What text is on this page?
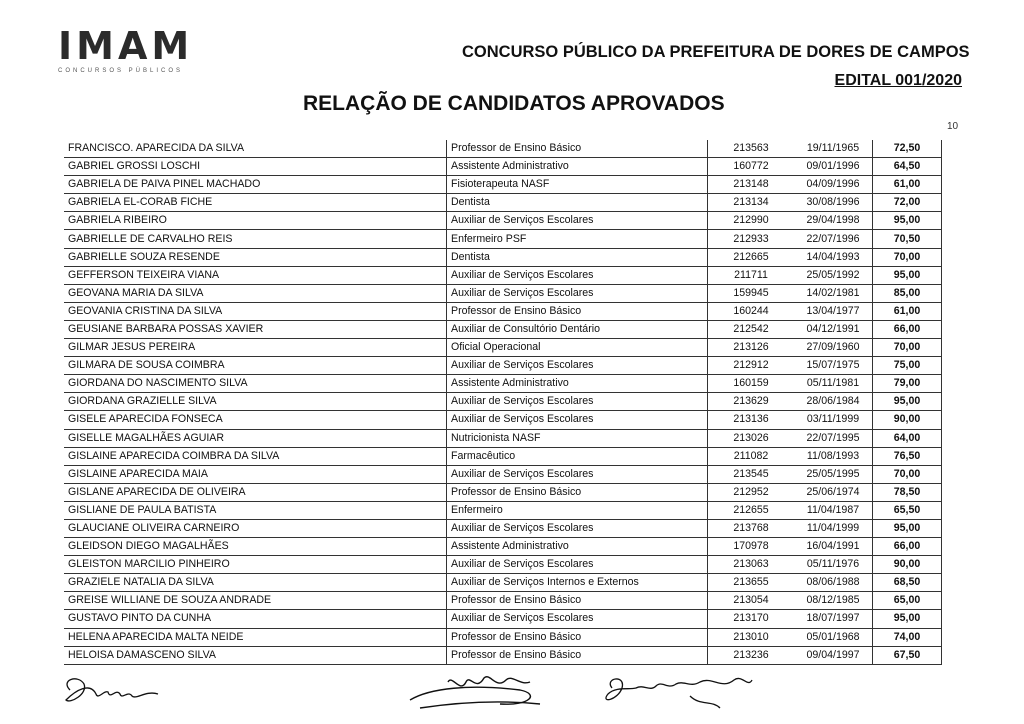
IMAM
CONCURSOS PÚBLICOS
CONCURSO PÚBLICO DA PREFEITURA DE DORES DE CAMPOS
EDITAL 001/2020
RELAÇÃO DE CANDIDATOS APROVADOS
10
FRANCISCO. APARECIDA DA SILVA	Professor de Ensino Básico	213563	19/11/1965	72,50
GABRIEL GROSSI LOSCHI	Assistente Administrativo	160772	09/01/1996	64,50
GABRIELA DE PAIVA PINEL MACHADO	Fisioterapeuta NASF	213148	04/09/1996	61,00
GABRIELA EL-CORAB FICHE	Dentista	213134	30/08/1996	72,00
GABRIELA RIBEIRO	Auxiliar de Serviços Escolares	212990	29/04/1998	95,00
GABRIELLE DE CARVALHO REIS	Enfermeiro PSF	212933	22/07/1996	70,50
GABRIELLE SOUZA RESENDE	Dentista	212665	14/04/1993	70,00
GEFFERSON TEIXEIRA VIANA	Auxiliar de Serviços Escolares	211711	25/05/1992	95,00
GEOVANA MARIA DA SILVA	Auxiliar de Serviços Escolares	159945	14/02/1981	85,00
GEOVANIA CRISTINA DA SILVA	Professor de Ensino Básico	160244	13/04/1977	61,00
GEUSIANE BARBARA POSSAS XAVIER	Auxiliar de Consultório Dentário	212542	04/12/1991	66,00
GILMAR JESUS PEREIRA	Oficial Operacional	213126	27/09/1960	70,00
GILMARA DE SOUSA COIMBRA	Auxiliar de Serviços Escolares	212912	15/07/1975	75,00
GIORDANA DO NASCIMENTO SILVA	Assistente Administrativo	160159	05/11/1981	79,00
GIORDANA GRAZIELLE SILVA	Auxiliar de Serviços Escolares	213629	28/06/1984	95,00
GISELE APARECIDA FONSECA	Auxiliar de Serviços Escolares	213136	03/11/1999	90,00
GISELLE MAGALHÃES AGUIAR	Nutricionista NASF	213026	22/07/1995	64,00
GISLAINE APARECIDA COIMBRA DA SILVA	Farmacêutico	211082	11/08/1993	76,50
GISLAINE APARECIDA MAIA	Auxiliar de Serviços Escolares	213545	25/05/1995	70,00
GISLANE APARECIDA DE OLIVEIRA	Professor de Ensino Básico	212952	25/06/1974	78,50
GISLIANE DE PAULA BATISTA	Enfermeiro	212655	11/04/1987	65,50
GLAUCIANE OLIVEIRA CARNEIRO	Auxiliar de Serviços Escolares	213768	11/04/1999	95,00
GLEIDSON DIEGO MAGALHÃES	Assistente Administrativo	170978	16/04/1991	66,00
GLEISTON MARCILIO PINHEIRO	Auxiliar de Serviços Escolares	213063	05/11/1976	90,00
GRAZIELE NATALIA DA SILVA	Auxiliar de Serviços Internos e Externos	213655	08/06/1988	68,50
GREISE WILLIANE DE SOUZA ANDRADE	Professor de Ensino Básico	213054	08/12/1985	65,00
GUSTAVO PINTO DA CUNHA	Auxiliar de Serviços Escolares	213170	18/07/1997	95,00
HELENA APARECIDA MALTA NEIDE	Professor de Ensino Básico	213010	05/01/1968	74,00
HELOISA DAMASCENO SILVA	Professor de Ensino Básico	213236	09/04/1997	67,50
